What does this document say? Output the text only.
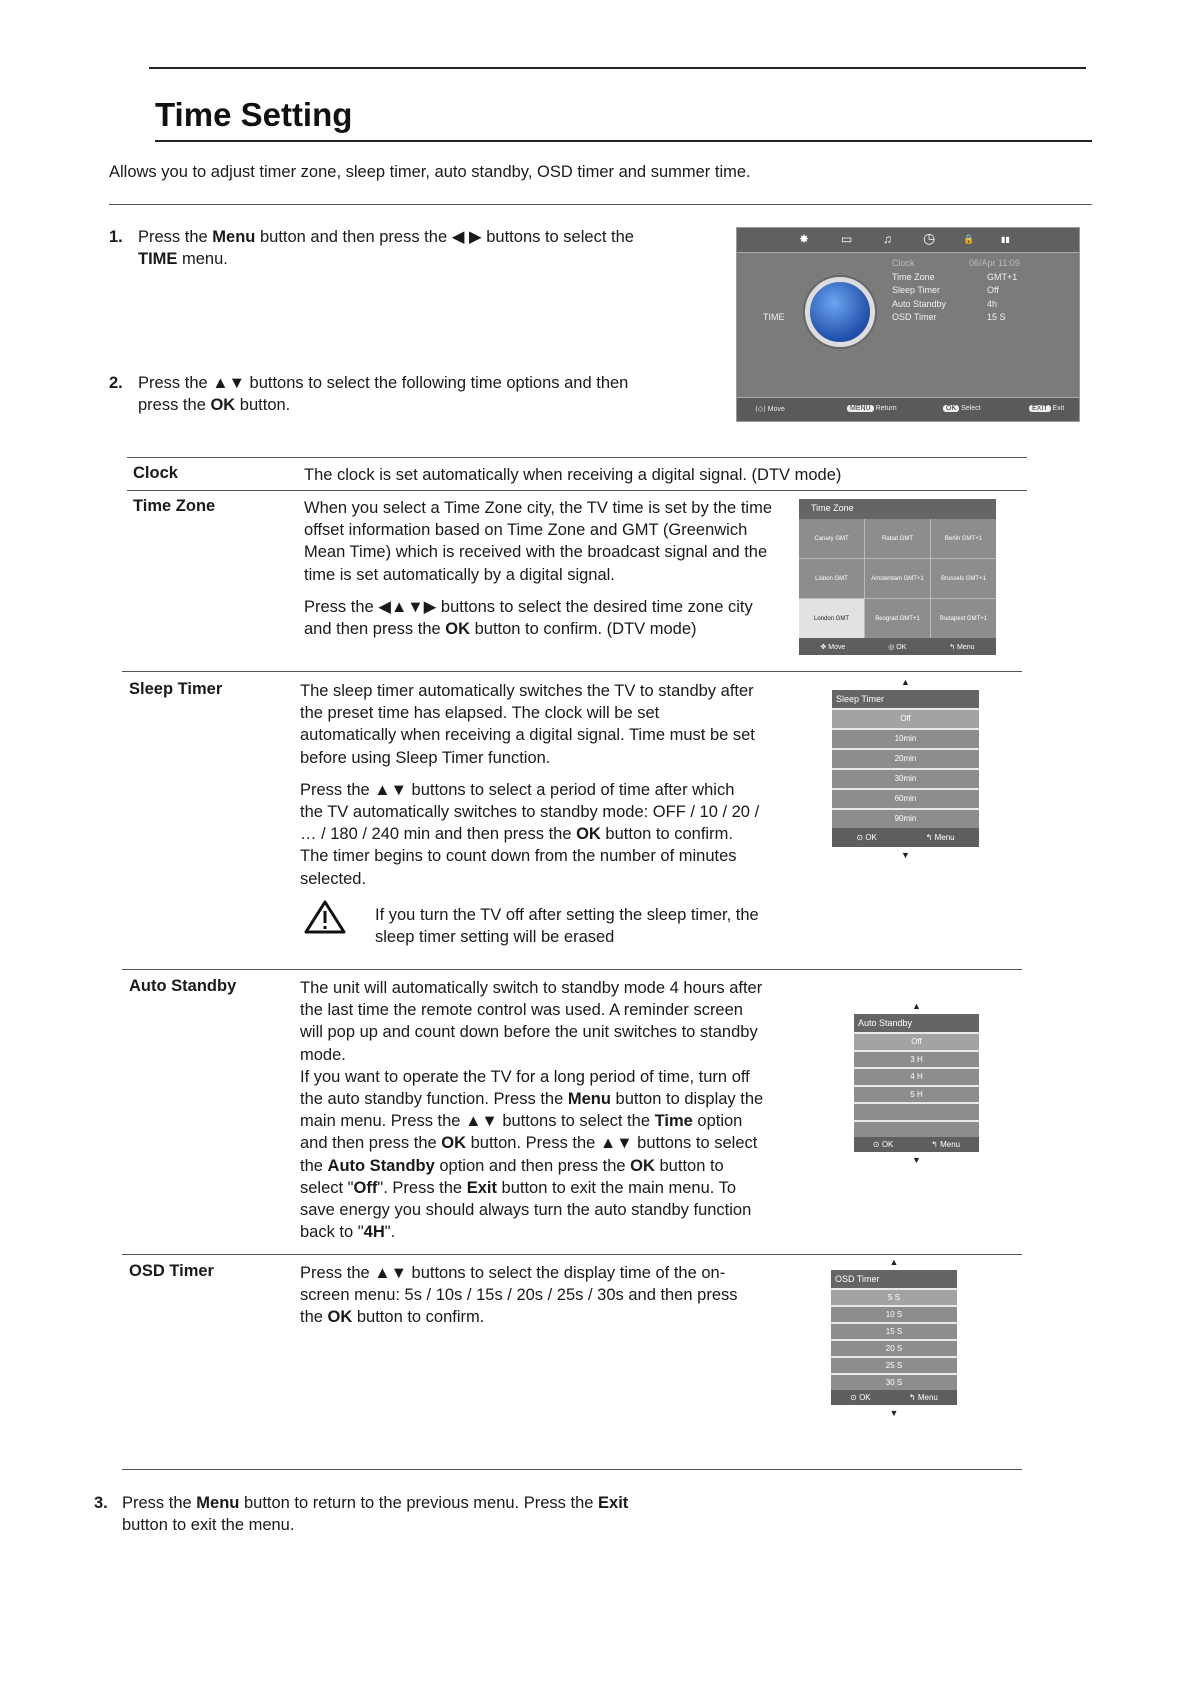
Time Setting
Allows you to adjust timer zone, sleep timer, auto standby, OSD timer and summer time.
1. Press the Menu button and then press the ◀ ▶ buttons to select the TIME menu.
2. Press the ▲▼ buttons to select the following time options and then press the OK button.
✸	▭	♫ ◷	🔒	▮▮
TIME
Clock	06/Apr 11:09
Time Zone	GMT+1
Sleep Timer	Off
Auto Standby	4h
OSD Timer	15 S
⟨◇⟩ Move	MENU Return	OK Select	EXIT Exit
Clock	The clock is set automatically when receiving a digital signal. (DTV mode)
Time Zone	When you select a Time Zone city, the TV time is set by the time offset information based on Time Zone and GMT (Greenwich Mean Time) which is received with the broadcast signal and the time is set automatically by a digital signal.
Press the ◀▲▼▶ buttons to select the desired time zone city and then press the OK button to confirm. (DTV mode)
Time Zone
Canary GMT	Rabat GMT	Berlin GMT+1
Lisbon GMT	Amsterdam GMT+1	Brussels GMT+1
London GMT	Beograd GMT+1	Budapest GMT+1
✥ Move	◎ OK	↰ Menu
Sleep Timer	The sleep timer automatically switches the TV to standby after the preset time has elapsed. The clock will be set automatically when receiving a digital signal. Time must be set before using Sleep Timer function.
Press the ▲▼ buttons to select a period of time after which the TV automatically switches to standby mode: OFF / 10 / 20 / … / 180 / 240 min and then press the OK button to confirm. The timer begins to count down from the number of minutes selected.
If you turn the TV off after setting the sleep timer, the sleep timer setting will be erased
▲
Sleep Timer
Off
10min
20min
30min
60min
90min
⊙ OK	↰ Menu
▼
Auto Standby	The unit will automatically switch to standby mode 4 hours after the last time the remote control was used. A reminder screen will pop up and count down before the unit switches to standby mode.
If you want to operate the TV for a long period of time, turn off the auto standby function. Press the Menu button to display the main menu. Press the ▲▼ buttons to select the Time option and then press the OK button. Press the ▲▼ buttons to select the Auto Standby option and then press the OK button to select "Off". Press the Exit button to exit the main menu. To save energy you should always turn the auto standby function back to "4H".
▲
Auto Standby
Off
3 H
4 H
5 H
⊙ OK	↰ Menu
▼
OSD Timer	Press the ▲▼ buttons to select the display time of the on-screen menu: 5s / 10s / 15s / 20s / 25s / 30s and then press the OK button to confirm.
▲
OSD Timer
5 S
10 S
15 S
20 S
25 S
30 S
⊙ OK	↰ Menu
▼
3. Press the Menu button to return to the previous menu. Press the Exit button to exit the menu.
